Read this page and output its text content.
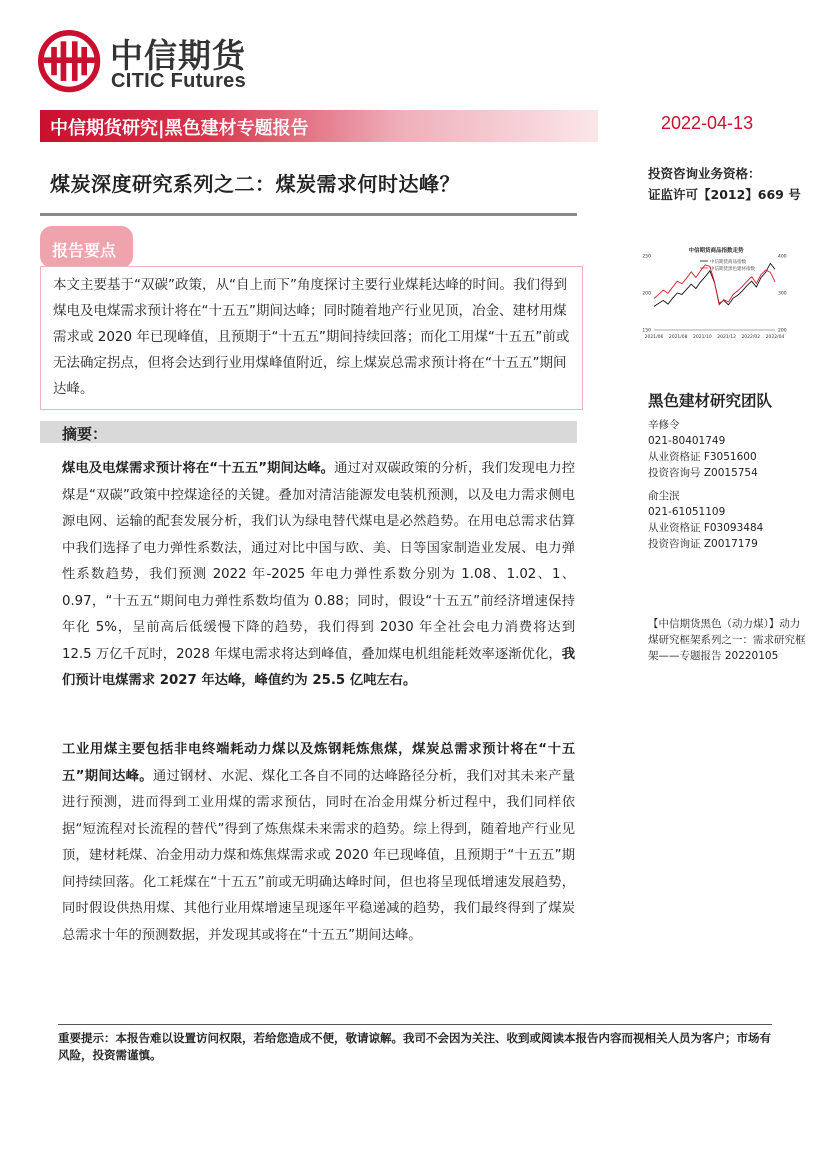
中信期货
CITIC Futures
中信期货研究|黑色建材专题报告	2022-04-13
煤炭深度研究系列之二：煤炭需求何时达峰？	投资咨询业务资格：
证监许可【2012】669 号
报告要点
本文主要基于“双碳”政策，从“自上而下”角度探讨主要行业煤耗达峰的时间。我们得到煤电及电煤需求预计将在“十五五”期间达峰；同时随着地产行业见顶，冶金、建材用煤需求或 2020 年已现峰值，且预期于“十五五”期间持续回落；而化工用煤“十五五”前或无法确定拐点，但将会达到行业用煤峰值附近，综上煤炭总需求预计将在“十五五”期间达峰。
摘要：
煤电及电煤需求预计将在“十五五”期间达峰。通过对双碳政策的分析，我们发现电力控煤是“双碳”政策中控煤途径的关键。叠加对清洁能源发电装机预测，以及电力需求侧电源电网、运输的配套发展分析，我们认为绿电替代煤电是必然趋势。在用电总需求估算中我们选择了电力弹性系数法，通过对比中国与欧、美、日等国家制造业发展、电力弹性系数趋势，我们预测 2022 年-2025 年电力弹性系数分别为 1.08、1.02、1、0.97，“十五五“期间电力弹性系数均值为 0.88；同时，假设“十五五”前经济增速保持年化 5%，呈前高后低缓慢下降的趋势，我们得到 2030 年全社会电力消费将达到 12.5 万亿千瓦时，2028 年煤电需求将达到峰值，叠加煤电机组能耗效率逐渐优化，我们预计电煤需求 2027 年达峰，峰值约为 25.5 亿吨左右。
工业用煤主要包括非电终端耗动力煤以及炼钢耗炼焦煤，煤炭总需求预计将在“十五五”期间达峰。通过钢材、水泥、煤化工各自不同的达峰路径分析，我们对其未来产量进行预测，进而得到工业用煤的需求预估，同时在冶金用煤分析过程中，我们同样依据“短流程对长流程的替代”得到了炼焦煤未来需求的趋势。综上得到，随着地产行业见顶，建材耗煤、冶金用动力煤和炼焦煤需求或 2020 年已现峰值，且预期于“十五五”期间持续回落。化工耗煤在“十五五”前或无明确达峰时间，但也将呈现低增速发展趋势，同时假设供热用煤、其他行业用煤增速呈现逐年平稳递减的趋势，我们最终得到了煤炭总需求十年的预测数据，并发现其或将在“十五五”期间达峰。
中信期货商品指数走势
250
200
150
400
300
200
2021/06 2021/08 2021/10 2021/12 2022/02 2022/04
中信期货商品指数
中信期货黑色建材指数
黑色建材研究团队
辛修令
021-80401749
从业资格证 F3051600
投资咨询号 Z0015754
俞尘泯
021-61051109
从业资格证 F03093484
投资咨询证 Z0017179
【中信期货黑色（动力煤）】动力煤研究框架系列之一：需求研究框架——专题报告 20220105
重要提示：本报告难以设置访问权限，若给您造成不便，敬请谅解。我司不会因为关注、收到或阅读本报告内容而视相关人员为客户；市场有风险，投资需谨慎。
